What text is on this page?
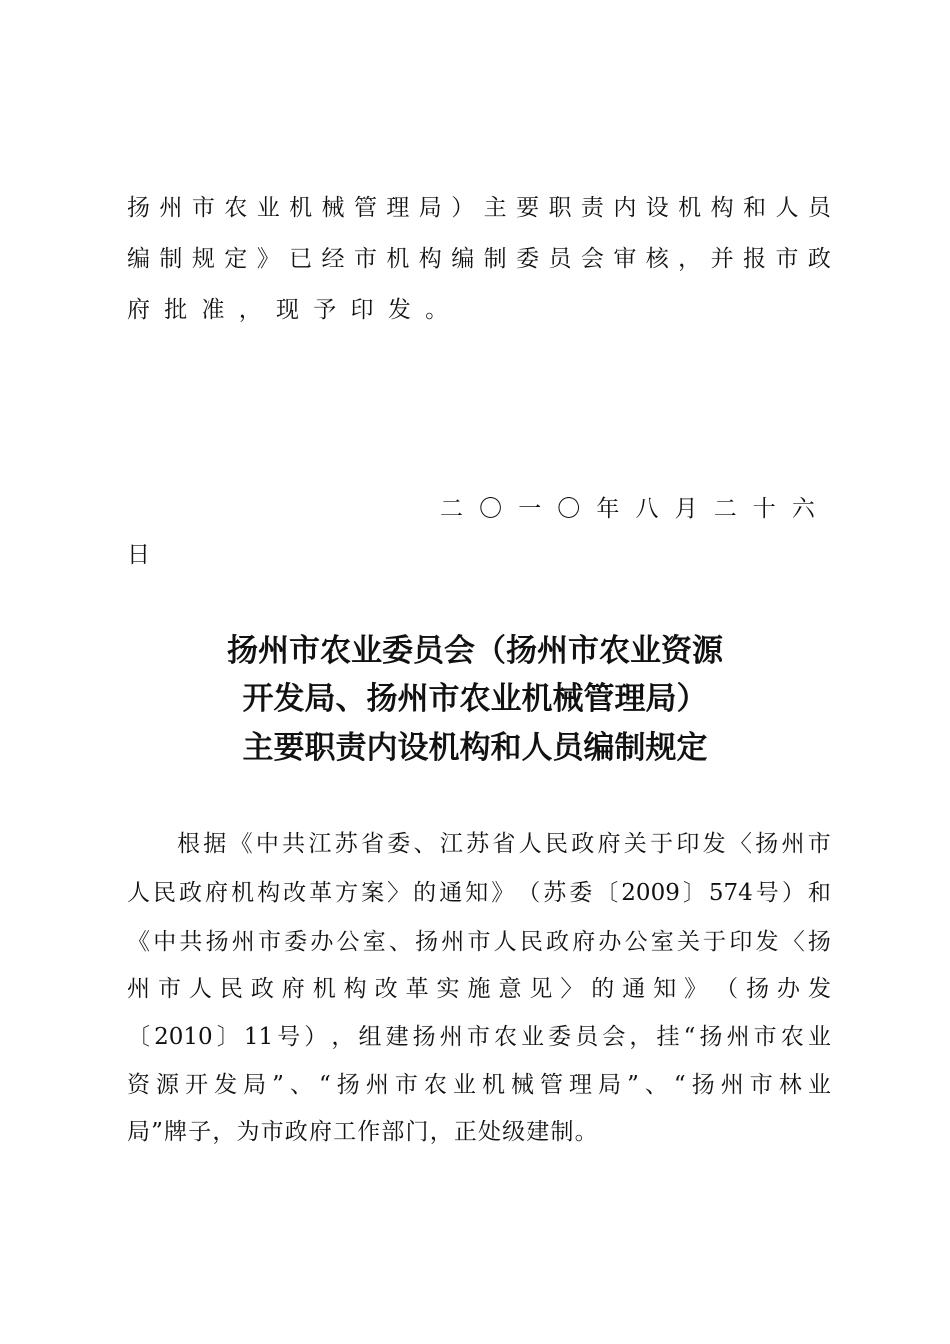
扬 州 市 农 业 机 械 管 理 局 ） 主 要 职 责 内 设 机 构 和 人 员
编 制 规 定 》 已 经 市 机 构 编 制 委 员 会 审 核 ， 并 报 市 政
府批准，现予印发。
二〇一〇年八月二十六
日
扬州市农业委员会（扬州市农业资源
开发局、扬州市农业机械管理局）
主要职责内设机构和人员编制规定
根 据 《 中 共 江 苏 省 委 、 江 苏 省 人 民 政 府 关 于 印 发 〈 扬 州 市
人 民 政 府 机 构 改 革 方 案 〉 的 通 知 》 （ 苏 委 〔 2009 〕 574 号 ） 和
《 中 共 扬 州 市 委 办 公 室 、 扬 州 市 人 民 政 府 办 公 室 关 于 印 发 〈 扬
州 市 人 民 政 府 机 构 改 革 实 施 意 见 〉 的 通 知 》 （ 扬 办 发
〔 2010 〕 11 号 ） ， 组 建 扬 州 市 农 业 委 员 会 ， 挂 “ 扬 州 市 农 业
资 源 开 发 局 ” 、 “ 扬 州 市 农 业 机 械 管 理 局 ” 、 “ 扬 州 市 林 业
局”牌子，为市政府工作部门，正处级建制。
